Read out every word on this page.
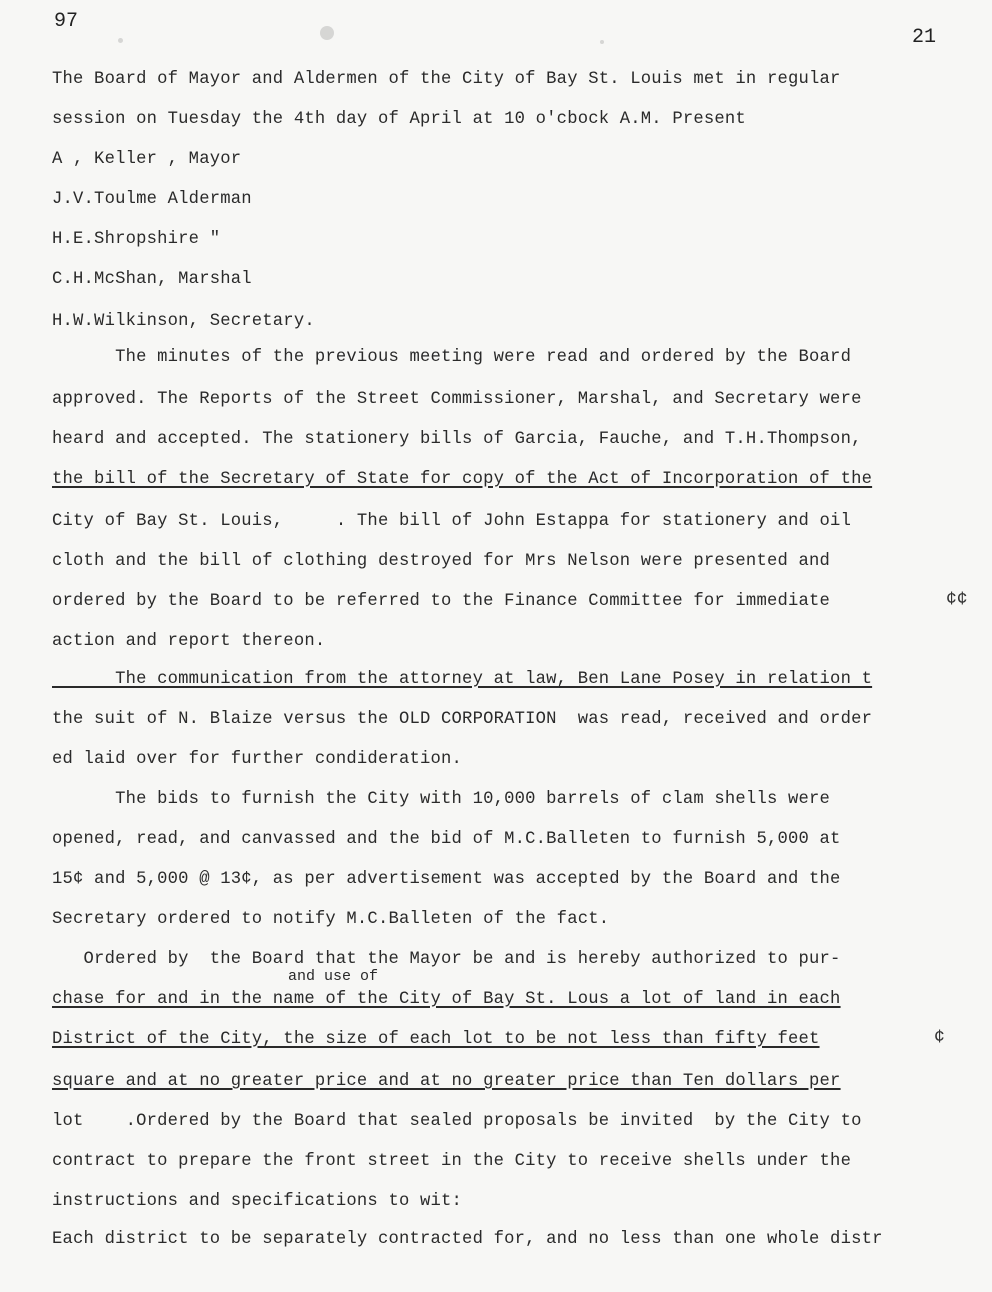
97
21
The Board of Mayor and Aldermen of the City of Bay St. Louis met in regular
session on Tuesday the 4th day of April at 10 o'cbock A.M. Present
A , Keller , Mayor
J.V.Toulme Alderman
H.E.Shropshire "
C.H.McShan, Marshal
H.W.Wilkinson, Secretary.
The minutes of the previous meeting were read and ordered by the Board
approved. The Reports of the Street Commissioner, Marshal, and Secretary were
heard and accepted. The stationery bills of Garcia, Fauche, and T.H.Thompson,
the bill of the Secretary of State for copy of the Act of Incorporation of the
City of Bay St. Louis,     . The bill of John Estappa for stationery and oil
cloth and the bill of clothing destroyed for Mrs Nelson were presented and
ordered by the Board to be referred to the Finance Committee for immediate
action and report thereon.
The communication from the attorney at law, Ben Lane Posey in relation t
the suit of N. Blaize versus the OLD CORPORATION  was read, received and order
ed laid over for further condideration.
The bids to furnish the City with 10,000 barrels of clam shells were
opened, read, and canvassed and the bid of M.C.Balleten to furnish 5,000 at
15¢ and 5,000 @ 13¢, as per advertisement was accepted by the Board and the
Secretary ordered to notify M.C.Balleten of the fact.
Ordered by  the Board that the Mayor be and is hereby authorized to pur-
and use of
chase for and in the name of the City of Bay St. Lous a lot of land in each
District of the City, the size of each lot to be not less than fifty feet
square and at no greater price and at no greater price than Ten dollars per
lot    .Ordered by the Board that sealed proposals be invited  by the City to
contract to prepare the front street in the City to receive shells under the
instructions and specifications to wit:
Each district to be separately contracted for, and no less than one whole distr
¢¢
¢
